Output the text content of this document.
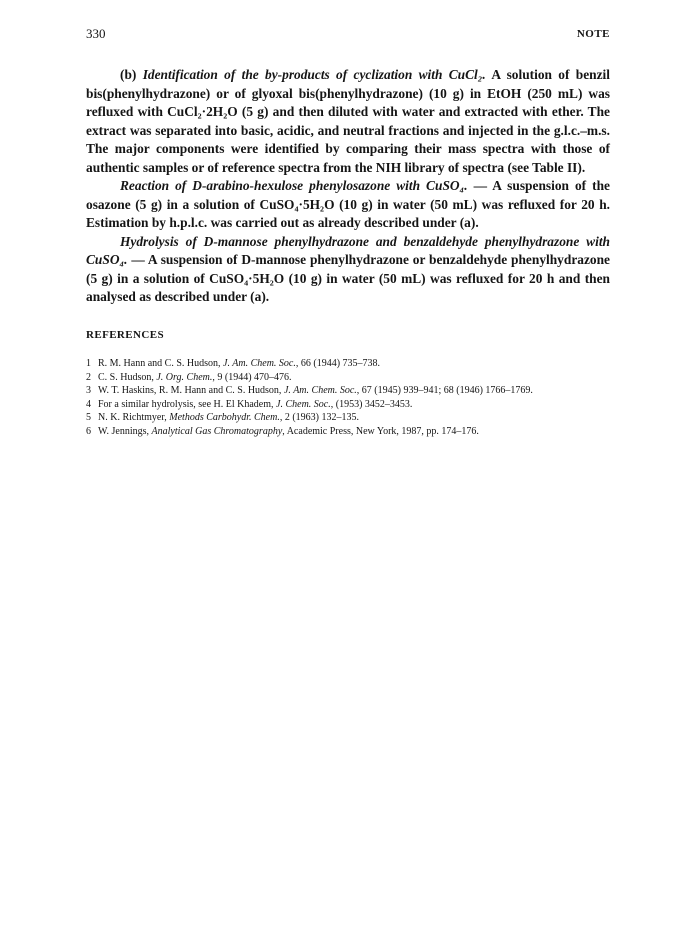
330	NOTE

(b) Identification of the by-products of cyclization with CuCl₂. A solution of benzil bis(phenylhydrazone) or of glyoxal bis(phenylhydrazone) (10 g) in EtOH (250 mL) was refluxed with CuCl₂·2H₂O (5 g) and then diluted with water and extracted with ether. The extract was separated into basic, acidic, and neutral fractions and injected in the g.l.c.–m.s. The major components were identified by comparing their mass spectra with those of authentic samples or of reference spectra from the NIH library of spectra (see Table II).

Reaction of D-arabino-hexulose phenylosazone with CuSO₄. — A suspension of the osazone (5 g) in a solution of CuSO₄·5H₂O (10 g) in water (50 mL) was refluxed for 20 h. Estimation by h.p.l.c. was carried out as already described under (a).

Hydrolysis of D-mannose phenylhydrazone and benzaldehyde phenylhydrazone with CuSO₄. — A suspension of D-mannose phenylhydrazone or benzaldehyde phenylhydrazone (5 g) in a solution of CuSO₄·5H₂O (10 g) in water (50 mL) was refluxed for 20 h and then analysed as described under (a).

REFERENCES
1 R. M. Hann and C. S. Hudson, J. Am. Chem. Soc., 66 (1944) 735–738.
2 C. S. Hudson, J. Org. Chem., 9 (1944) 470–476.
3 W. T. Haskins, R. M. Hann and C. S. Hudson, J. Am. Chem. Soc., 67 (1945) 939–941; 68 (1946) 1766–1769.
4 For a similar hydrolysis, see H. El Khadem, J. Chem. Soc., (1953) 3452–3453.
5 N. K. Richtmyer, Methods Carbohydr. Chem., 2 (1963) 132–135.
6 W. Jennings, Analytical Gas Chromatography, Academic Press, New York, 1987, pp. 174–176.
